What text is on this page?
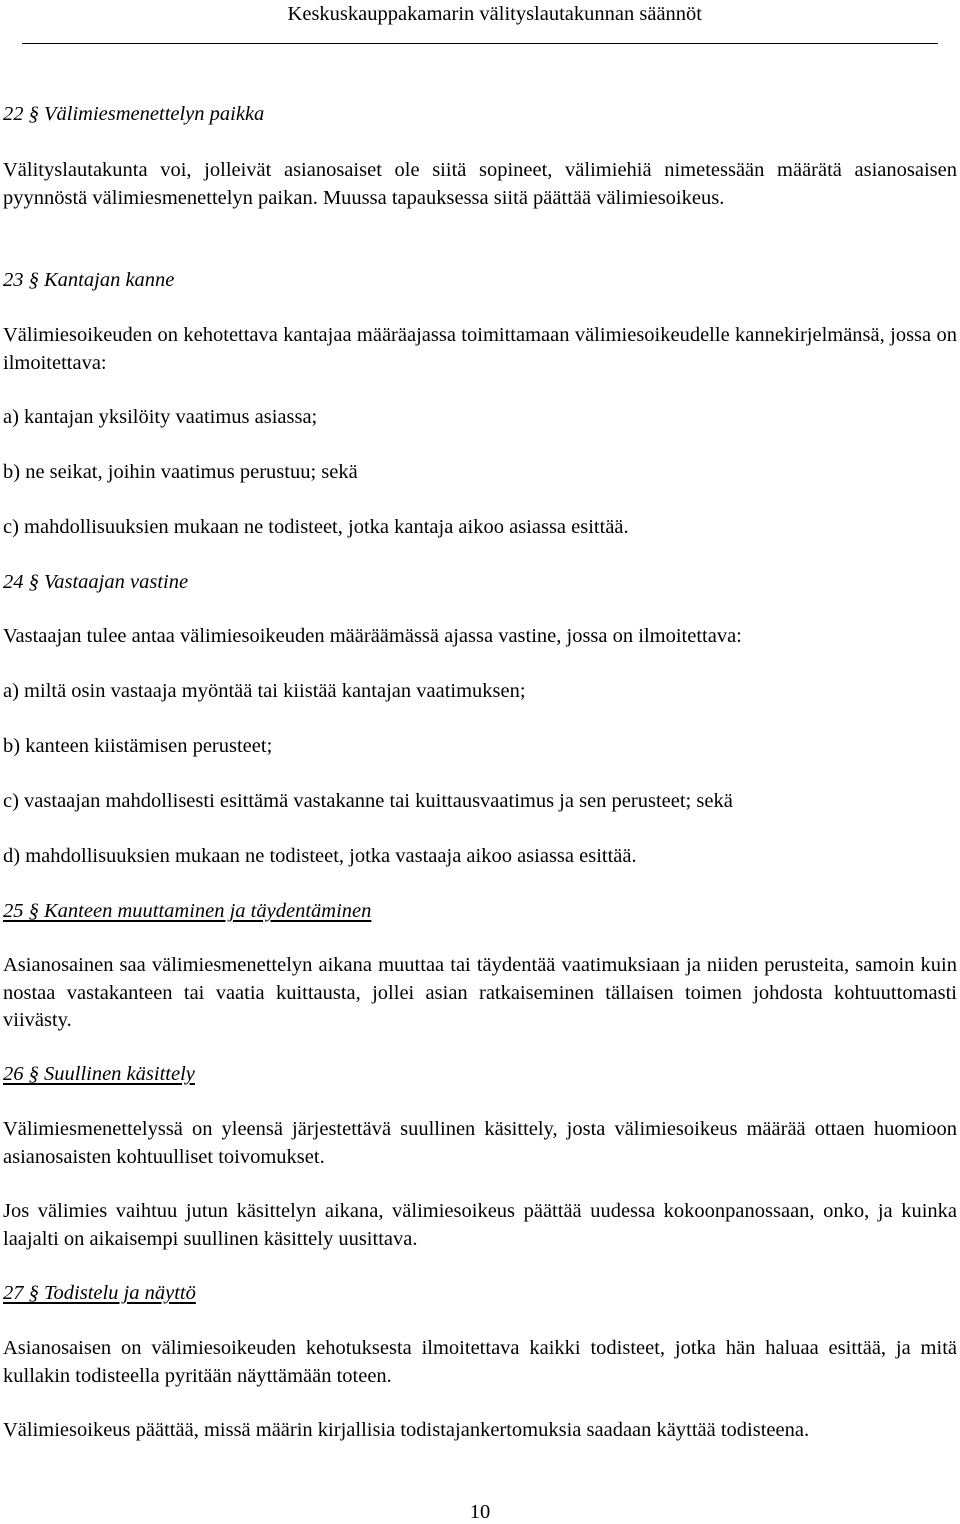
Keskuskauppakamarin välityslautakunnan säännöt
22 § Välimiesmenettelyn paikka

Välityslautakunta voi, jolleivät asianosaiset ole siitä sopineet, välimiehiä nimetessään määrätä asianosaisen pyynnöstä välimiesmenettelyn paikan. Muussa tapauksessa siitä päättää välimiesoikeus.

23 § Kantajan kanne

Välimiesoikeuden on kehotettava kantajaa määräajassa toimittamaan välimiesoikeudelle kannekirjelmänsä, jossa on ilmoitettava:

a) kantajan yksilöity vaatimus asiassa;

b) ne seikat, joihin vaatimus perustuu; sekä

c) mahdollisuuksien mukaan ne todisteet, jotka kantaja aikoo asiassa esittää.

24 § Vastaajan vastine

Vastaajan tulee antaa välimiesoikeuden määräämässä ajassa vastine, jossa on ilmoitettava:

a) miltä osin vastaaja myöntää tai kiistää kantajan vaatimuksen;

b) kanteen kiistämisen perusteet;

c) vastaajan mahdollisesti esittämä vastakanne tai kuittausvaatimus ja sen perusteet; sekä

d) mahdollisuuksien mukaan ne todisteet, jotka vastaaja aikoo asiassa esittää.

25 § Kanteen muuttaminen ja täydentäminen

Asianosainen saa välimiesmenettelyn aikana muuttaa tai täydentää vaatimuksiaan ja niiden perusteita, samoin kuin nostaa vastakanteen tai vaatia kuittausta, jollei asian ratkaiseminen tällaisen toimen johdosta kohtuuttomasti viivästy.

26 § Suullinen käsittely

Välimiesmenettelyssä on yleensä järjestettävä suullinen käsittely, josta välimiesoikeus määrää ottaen huomioon asianosaisten kohtuulliset toivomukset.

Jos välimies vaihtuu jutun käsittelyn aikana, välimiesoikeus päättää uudessa kokoonpanossaan, onko, ja kuinka laajalti on aikaisempi suullinen käsittely uusittava.

27 § Todistelu ja näyttö

Asianosaisen on välimiesoikeuden kehotuksesta ilmoitettava kaikki todisteet, jotka hän haluaa esittää, ja mitä kullakin todisteella pyritään näyttämään toteen.

Välimiesoikeus päättää, missä määrin kirjallisia todistajankertomuksia saadaan käyttää todisteena.

10
